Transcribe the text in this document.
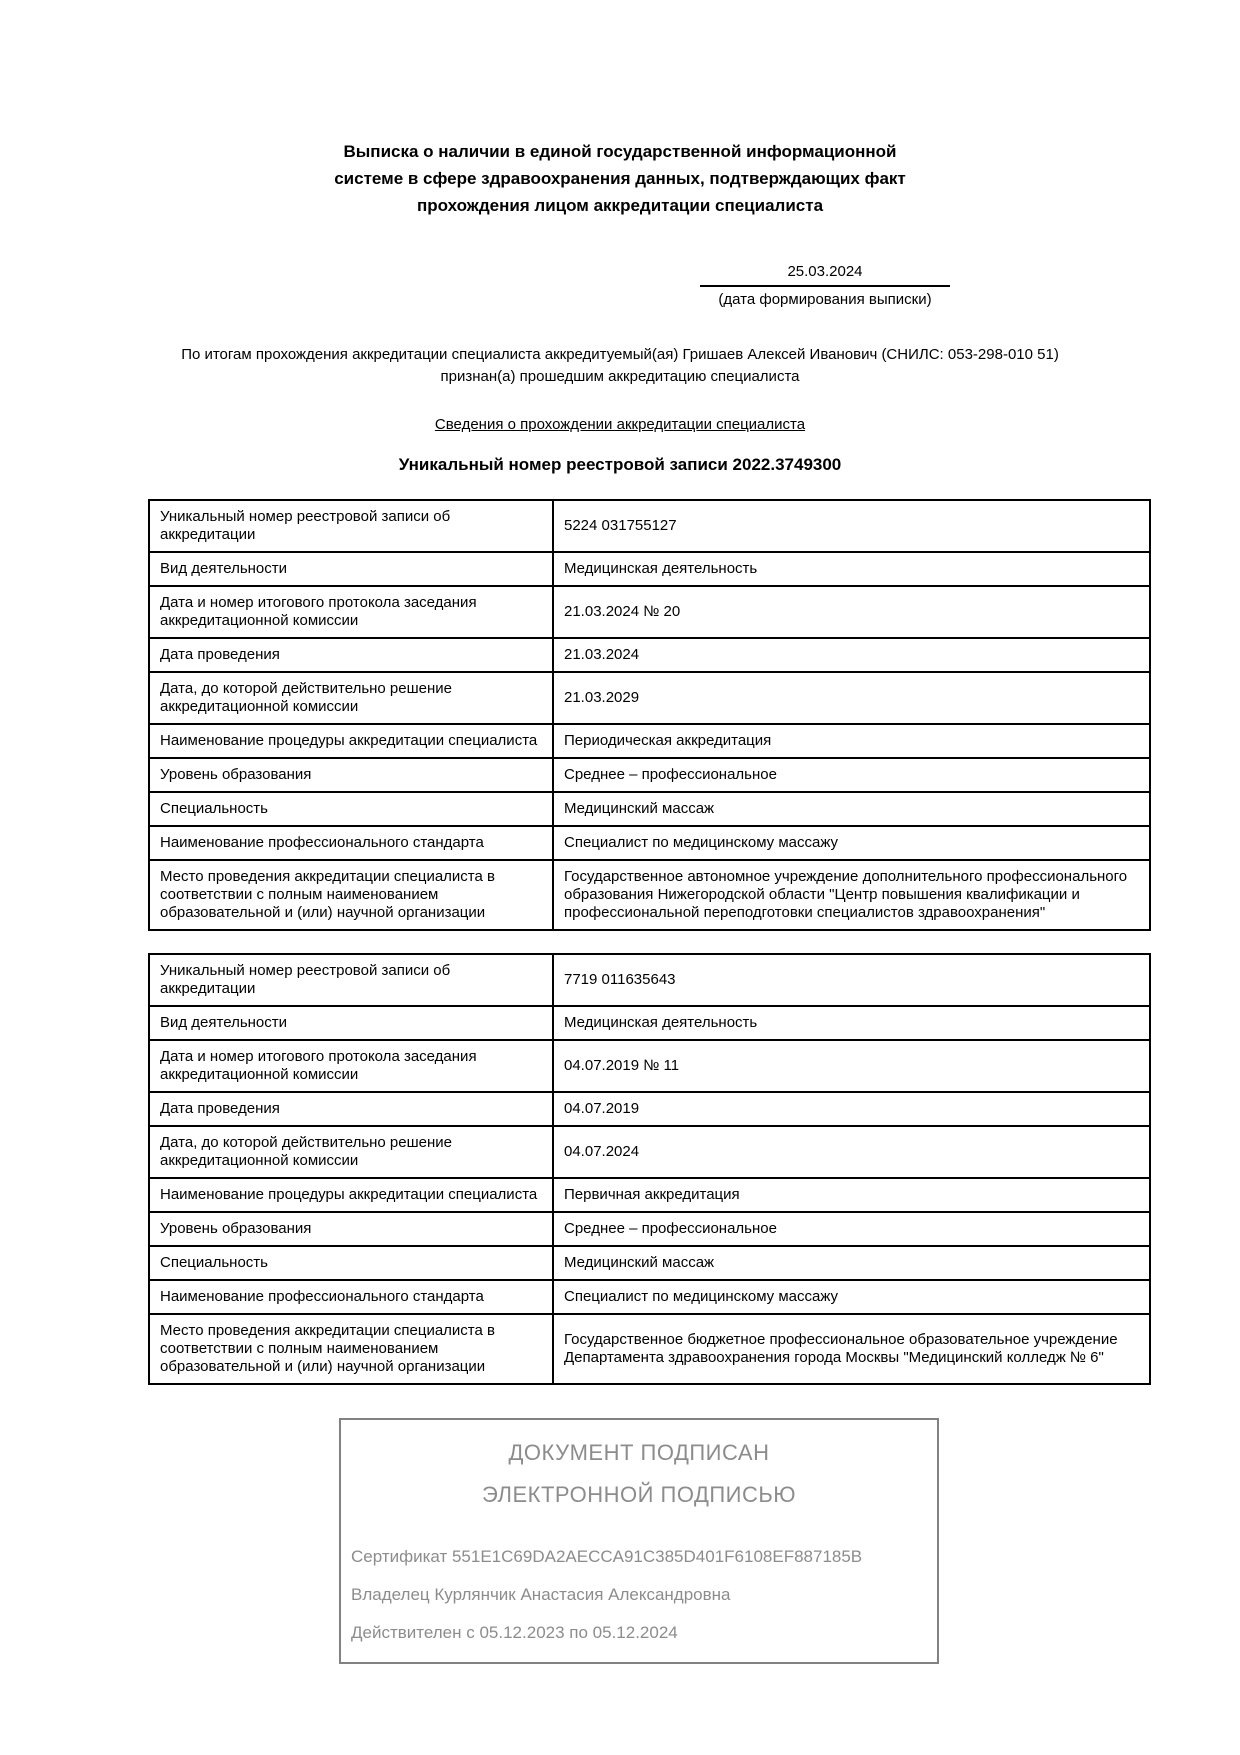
Выписка о наличии в единой государственной информационной
системе в сфере здравоохранения данных, подтверждающих факт
прохождения лицом аккредитации специалиста
25.03.2024
(дата формирования выписки)
По итогам прохождения аккредитации специалиста аккредитуемый(ая) Гришаев Алексей Иванович (СНИЛС: 053-298-010 51)
признан(а) прошедшим аккредитацию специалиста
Сведения о прохождении аккредитации специалиста
Уникальный номер реестровой записи 2022.3749300
Уникальный номер реестровой записи об аккредитации	5224 031755127
Вид деятельности	Медицинская деятельность
Дата и номер итогового протокола заседания аккредитационной комиссии	21.03.2024 № 20
Дата проведения	21.03.2024
Дата, до которой действительно решение аккредитационной комиссии	21.03.2029
Наименование процедуры аккредитации специалиста	Периодическая аккредитация
Уровень образования	Среднее – профессиональное
Специальность	Медицинский массаж
Наименование профессионального стандарта	Специалист по медицинскому массажу
Место проведения аккредитации специалиста в соответствии с полным наименованием образовательной и (или) научной организации	Государственное автономное учреждение дополнительного профессионального образования Нижегородской области "Центр повышения квалификации и профессиональной переподготовки специалистов здравоохранения"
Уникальный номер реестровой записи об аккредитации	7719 011635643
Вид деятельности	Медицинская деятельность
Дата и номер итогового протокола заседания аккредитационной комиссии	04.07.2019 № 11
Дата проведения	04.07.2019
Дата, до которой действительно решение аккредитационной комиссии	04.07.2024
Наименование процедуры аккредитации специалиста	Первичная аккредитация
Уровень образования	Среднее – профессиональное
Специальность	Медицинский массаж
Наименование профессионального стандарта	Специалист по медицинскому массажу
Место проведения аккредитации специалиста в соответствии с полным наименованием образовательной и (или) научной организации	Государственное бюджетное профессиональное образовательное учреждение Департамента здравоохранения города Москвы "Медицинский колледж № 6"
ДОКУМЕНТ ПОДПИСАН
ЭЛЕКТРОННОЙ ПОДПИСЬЮ
Сертификат 551E1C69DA2AECCA91C385D401F6108EF887185B
Владелец Курлянчик Анастасия Александровна
Действителен с 05.12.2023 по 05.12.2024
